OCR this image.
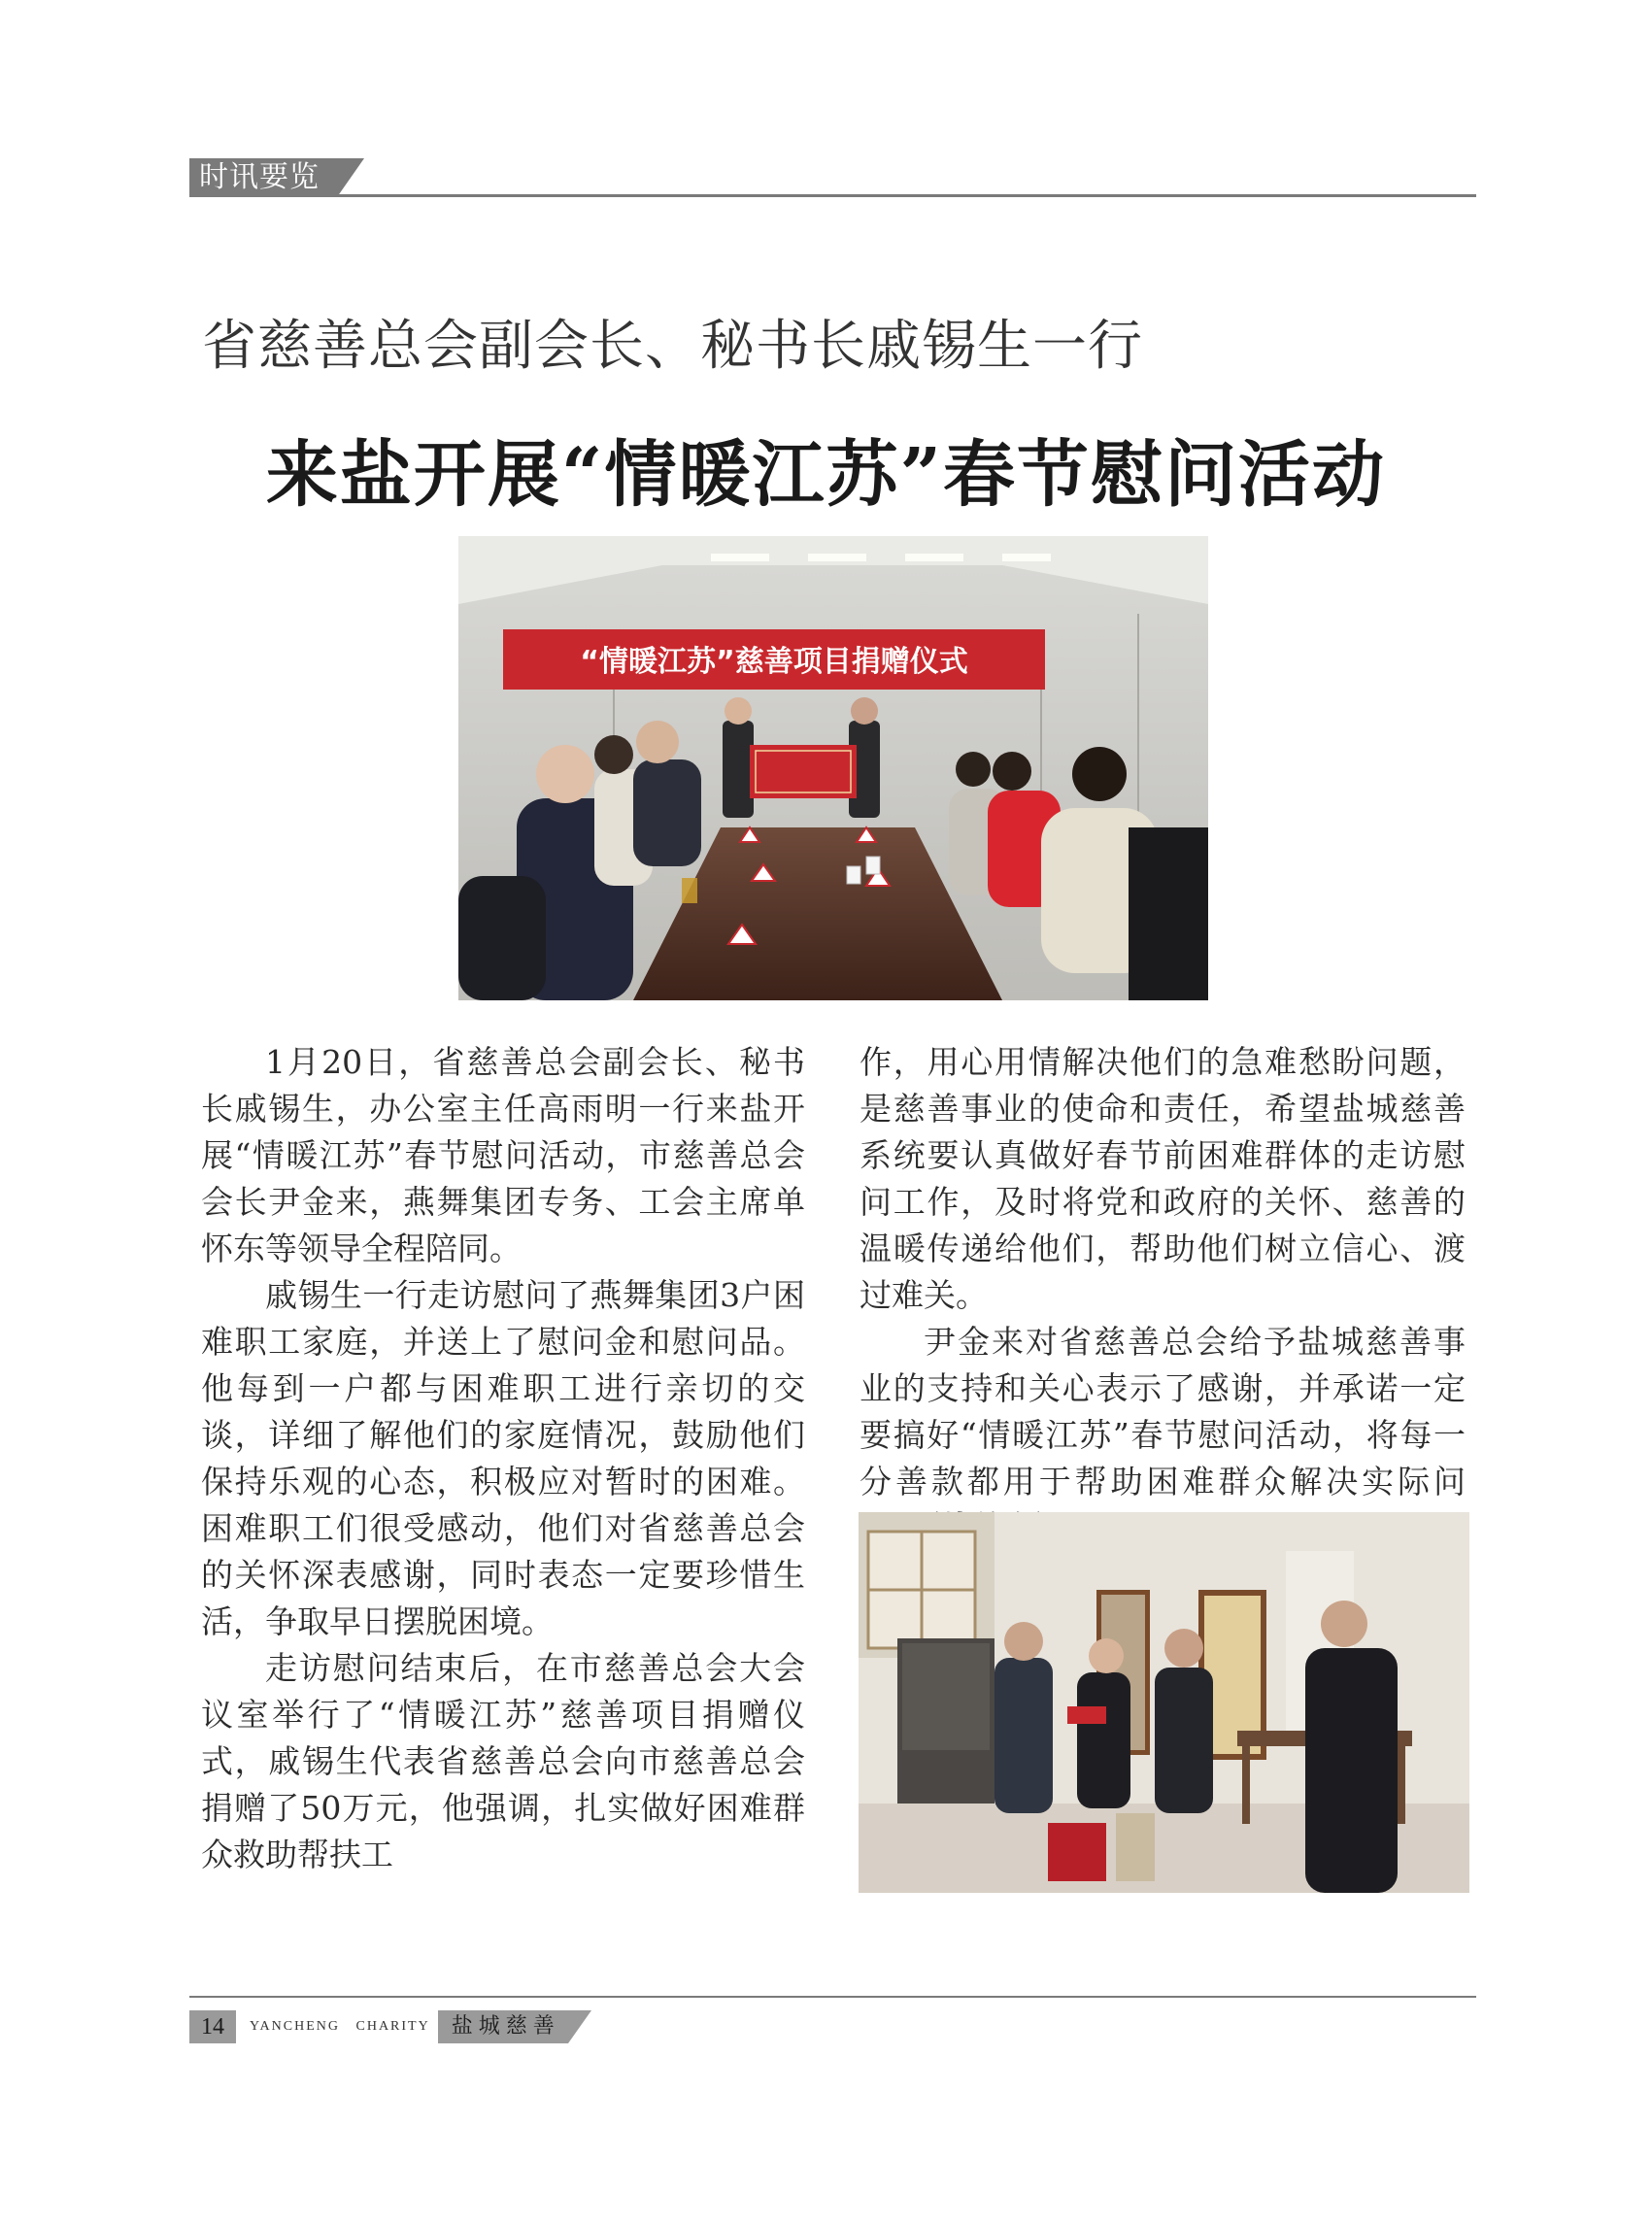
时讯要览
省慈善总会副会长、秘书长戚锡生一行
来盐开展“情暖江苏”春节慰问活动
“情暖江苏”慈善项目捐赠仪式

1月20日，省慈善总会副会长、秘书长戚锡生，办公室主任高雨明一行来盐开展“情暖江苏”春节慰问活动，市慈善总会会长尹金来，燕舞集团专务、工会主席单怀东等领导全程陪同。

戚锡生一行走访慰问了燕舞集团3户困难职工家庭，并送上了慰问金和慰问品。他每到一户都与困难职工进行亲切的交谈，详细了解他们的家庭情况，鼓励他们保持乐观的心态，积极应对暂时的困难。困难职工们很受感动，他们对省慈善总会的关怀深表感谢，同时表态一定要珍惜生活，争取早日摆脱困境。

走访慰问结束后，在市慈善总会大会议室举行了“情暖江苏”慈善项目捐赠仪式，戚锡生代表省慈善总会向市慈善总会捐赠了50万元，他强调，扎实做好困难群众救助帮扶工

作，用心用情解决他们的急难愁盼问题，是慈善事业的使命和责任，希望盐城慈善系统要认真做好春节前困难群体的走访慰问工作，及时将党和政府的关怀、慈善的温暖传递给他们，帮助他们树立信心、渡过难关。

尹金来对省慈善总会给予盐城慈善事业的支持和关心表示了感谢，并承诺一定要搞好“情暖江苏”春节慰问活动，将每一分善款都用于帮助困难群众解决实际问

14	YANCHENG   CHARITY	盐城慈善
